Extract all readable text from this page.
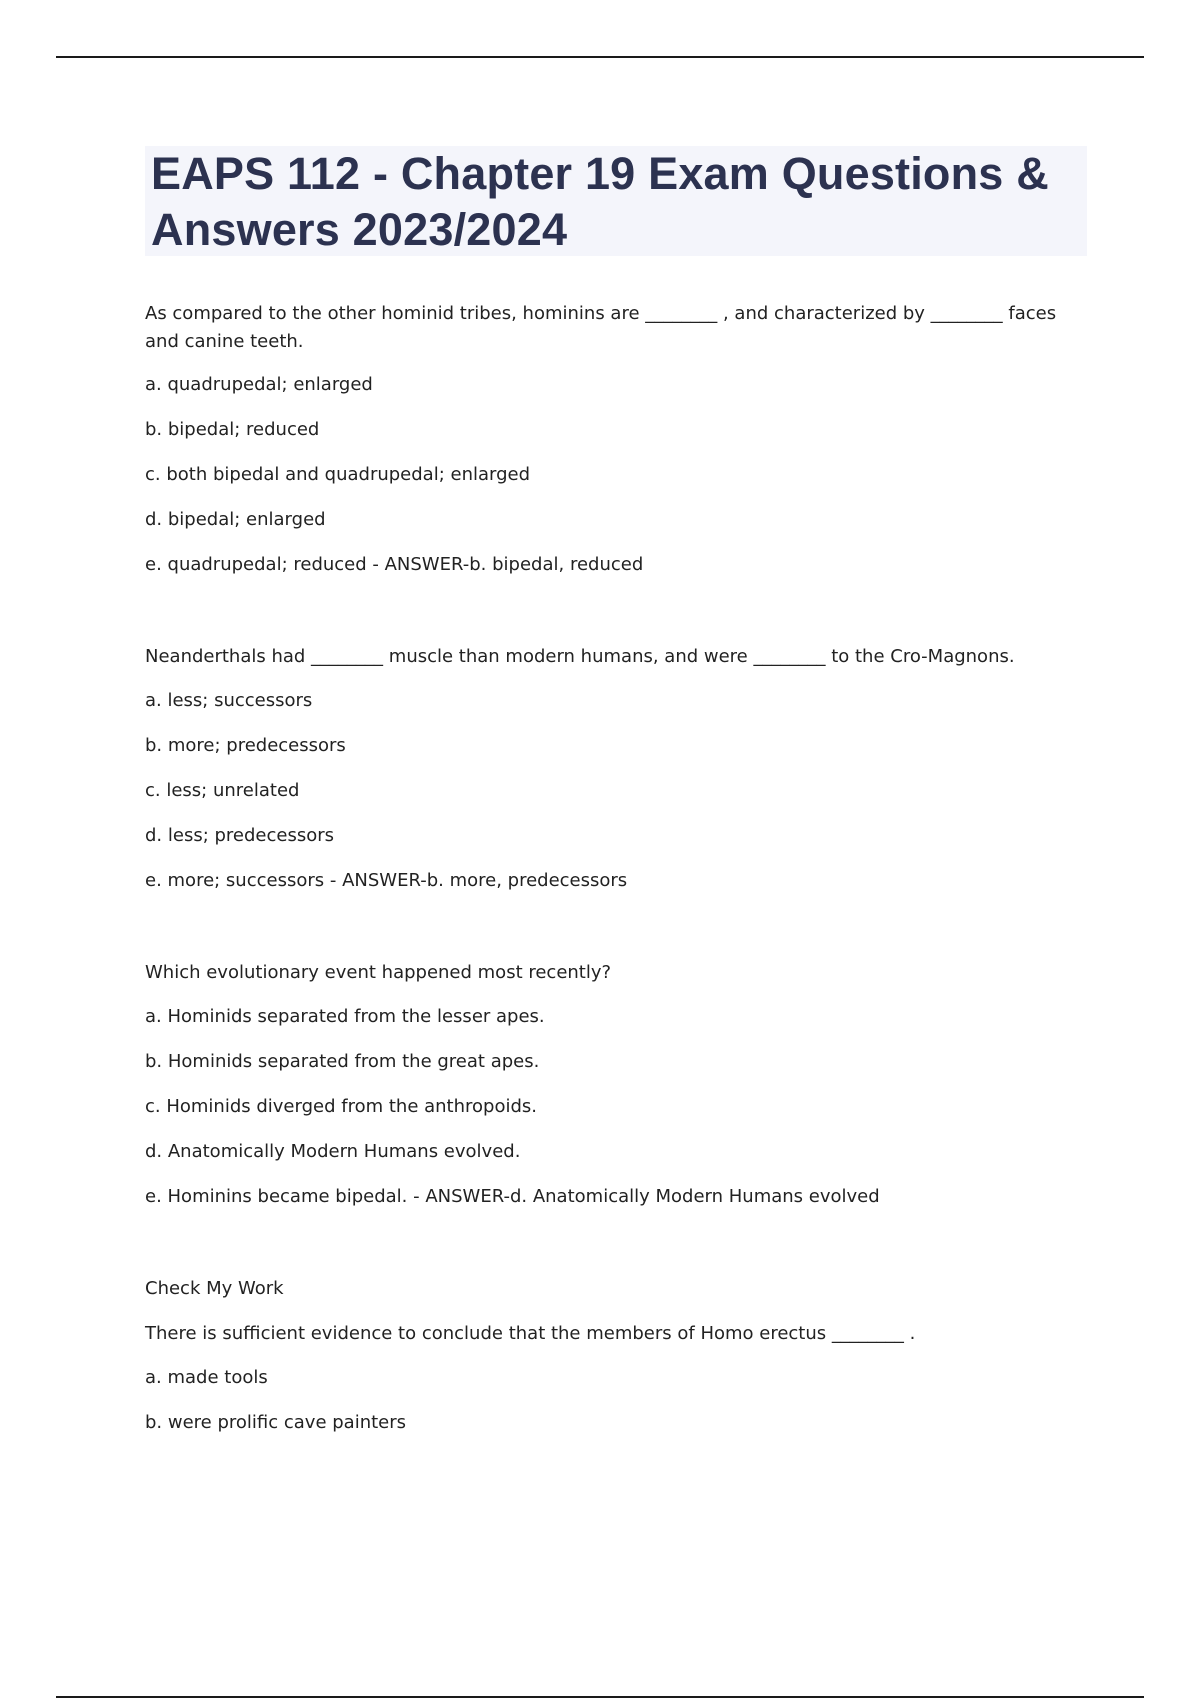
EAPS 112 - Chapter 19 Exam Questions & Answers 2023/2024

As compared to the other hominid tribes, hominins are ________ , and characterized by ________ faces and canine teeth.

a. quadrupedal; enlarged

b. bipedal; reduced

c. both bipedal and quadrupedal; enlarged

d. bipedal; enlarged

e. quadrupedal; reduced - ANSWER-b. bipedal, reduced

Neanderthals had ________ muscle than modern humans, and were ________ to the Cro-Magnons.

a. less; successors

b. more; predecessors

c. less; unrelated

d. less; predecessors

e. more; successors - ANSWER-b. more, predecessors

Which evolutionary event happened most recently?

a. Hominids separated from the lesser apes.

b. Hominids separated from the great apes.

c. Hominids diverged from the anthropoids.

d. Anatomically Modern Humans evolved.

e. Hominins became bipedal. - ANSWER-d. Anatomically Modern Humans evolved

Check My Work

There is sufficient evidence to conclude that the members of Homo erectus ________ .

a. made tools

b. were prolific cave painters
